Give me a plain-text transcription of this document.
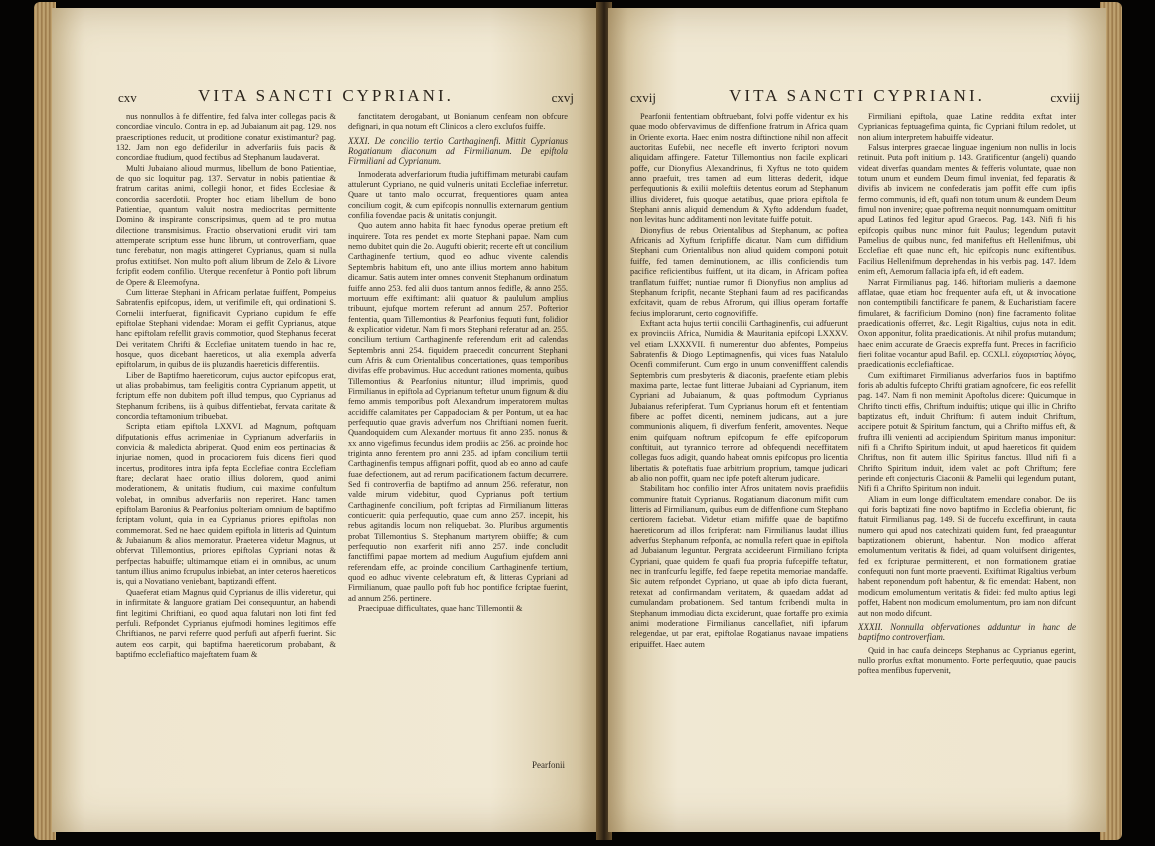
cxv	VITA SANCTI CYPRIANI.	cxvj

nus nonnullos à fe diffentire, fed falva inter collegas pacis & concordiae vinculo. Contra in ep. ad Jubaianum ait pag. 129. nos praescriptiones reducit, ut proditione conatur existimantur? pag. 132. Jam non ego defiderilur in adverfariis fuis pacis & concordiae ftudium, quod fectibus ad Stephanum laudaverat.

Multi Jubaiano alioud murmus, libellum de bono Patientiae, de quo sic loquitur pag. 137. Servatur in nobis patientiae & fratrum caritas animi, collegii honor, et fides Ecclesiae & concordia sacerdotii. Propter hoc etiam libellum de bono Patientiae, quantum valuit nostra mediocritas permittente Domino & inspirante conscripsimus, quem ad te pro mutua dilectione transmisimus. Fractio observationi erudit viri tam attemperate scriptum esse hunc librum, ut controverfiam, quae tunc ferebatur, non magis attingeret Cyprianus, quam si nulla profus extitifset. Non multo poft alium librum de Zelo & Livore fcripfit eodem confilio. Uterque recenfetur à Pontio poft librum de Opere & Eleemofyna.

Cum litterae Stephani in Africam perlatae fuiffent, Pompeius Sabratenfis epifcopus, idem, ut verifimile eft, qui ordinationi S. Cornelii interfuerat, fignificavit Cypriano cupidum fe effe epiftolae Stephani videndae: Moram ei geffit Cyprianus, atque hanc epiftolam refellit gravis commotior, quod Stephanus fecerat Dei veritatem Chrifti & Ecclefiae unitatem tuendo in hac re, hosque, quos dicebant haereticos, ut alia exempla adverfa epiftolarum, in quibus de iis pluzandis haereticis differentiis.

Liber de Baptifmo haereticorum, cujus auctor epifcopus erat, ut alias probabimus, tam feeligitis contra Cyprianum appetit, ut fcriptum effe non dubitem poft illud tempus, quo Cyprianus ad Stephanum fcribens, iis à quibus diffentiebat, fervata caritate & concordia teftamonium tribuebat.

Scripta etiam epiftola LXXVI. ad Magnum, poftquam difputationis effus acrimeniae in Cyprianum adverfariis in convicia & maledicta abriperat. Quod enim eos pertinacias & injuriae nomen, quod in procaciorem fuis dicens fieri quod incertus, proditores intra ipfa fepta Ecclefiae contra Ecclefiam ftare; declarat haec oratio illius dolorem, quod animi moderationem, & unitatis ftudium, cui maxime confultum volebat, in omnibus adverfariis non reperiret. Hanc tamen epiftolam Baronius & Pearfonius polteriam omnium de baptifmo fcriptam volunt, quia in ea Cyprianus priores epiftolas non commemorat. Sed ne haec quidem epiftola in litteris ad Quintum & Jubaianum & alios memoratur. Praeterea videtur Magnus, ut obfervat Tillemontius, priores epiftolas Cypriani notas & perfpectas habuiffe; ultimamque etiam ei in omnibus, ac unum tantum illius animo fcrupulus inbiebat, an inter ceteros haereticos is, qui a Novatiano veniebant, baptizandi effent.

Quaeferat etiam Magnus quid Cyprianus de illis videretur, qui in infirmitate & languore gratiam Dei consequuntur, an habendi fint legitimi Chriftiani, eo quod aqua falutari non loti fint fed perfuli. Refpondet Cyprianus ejufmodi homines legitimos effe Chriftianos, ne parvi referre quod perfufi aut afperfi fuerint. Sic autem eos carpit, qui baptifma haereticorum probabant, & baptifmo ecclefiaftico majeftatem fuam &

fanctitatem derogabant, ut Bonianum cenfeam non obfcure defignari, in qua notum eft Clinicos a clero exclufos fuiffe.

XXXI. De concilio tertio Carthaginenfi. Mittit Cyprianus Rogatianum diaconum ad Firmilianum. De epiftola Firmiliani ad Cyprianum.

Inmoderata adverfariorum ftudia juftiffimam meturabi caufam attulerunt Cypriano, ne quid vulneris unitati Ecclefiae inferretur. Quare ut tanto malo occurrat, frequentiores quam antea concilium cogit, & cum epifcopis nonnullis externarum gentium confilia fovendae pacis & unitatis conjungit.

Quo autem anno habita fit haec fynodus operae pretium eft inquirere. Tota res pendet ex morte Stephani papae. Nam cum nemo dubitet quin die 2o. Augufti obierit; recerte eft ut concilium Carthaginenfe tertium, quod eo adhuc vivente calendis Septembris habitum eft, uno ante illius mortem anno habitum dicamur. Satis autem inter omnes convenit Stephanum ordinatum fuiffe anno 253. fed alii duos tantum annos fedifle, & anno 255. mortuum effe exiftimant: alii quatuor & paululum amplius tribuunt, ejufque mortem referunt ad annum 257. Pofterior fententia, quam Tillemontius & Pearfonius fequuti funt, folidior & explicatior videtur. Nam fi mors Stephani referatur ad an. 255. concilium tertium Carthaginenfe referendum erit ad calendas Septembris anni 254. fiquidem praecedit concurrent Stephani cum Afris & cum Orientalibus concertationes, quas temporibus divifas effe probavimus. Huc accedunt rationes momenta, quibus Tillemontius & Pearfonius nituntur; illud imprimis, quod Firmilianus in epiftola ad Cyprianum teftetur unum fignum & diu femo ammis temporibus poft Alexandrum imperatorem multas accidiffe calamitates per Cappadociam & per Pontum, ut ea hac perfequutio quae gravis adverfum nos Chriftiani nomen fuerit. Quandoquidem cum Alexander mortuus fit anno 235. nonus & xx anno vigefimus fecundus idem prodiis ac 256. ac proinde hoc triginta anno ferentem pro anni 235. ad ipfam concilium tertii Carthaginenfis tempus affignari poffit, quod ab eo anno ad caufe fuae defectionem, aut ad rerum pacificationem factum decurrere. Sed fi controverfia de baptifmo ad annum 256. referatur, non valde mirum videbitur, quod Cyprianus poft tertium Carthaginenfe concilium, poft fcriptas ad Firmilianum litteras conticuerit: quia perfequutio, quae cum anno 257. incepit, his rebus agitandis locum non reliquebat. 3o. Pluribus argumentis probat Tillemontius S. Stephanum martyrem obiiffe; & cum perfequutio non exarferit nifi anno 257. inde concludit fanctiffimi papae mortem ad medium Augufium ejufdem anni referendam effe, ac proinde concilium Carthaginenfe tertium, quod eo adhuc vivente celebratum eft, & litteras Cypriani ad Firmilianum, quae paullo poft fub hoc pontifice fcriptae fuerint, ad annum 256. pertinere.

Praecipuae difficultates, quae hanc Tillemontii &

Pearfonii
cxvij	VITA SANCTI CYPRIANI.	cxviij

Pearfonii fententiam obftruebant, folvi poffe videntur ex his quae modo obfervavimus de diffenfione fratrum in Africa quam in Oriente exorta. Haec enim nostra diftinctione nihil non affecit auctoritas Eufebii, nec necefle eft inverto fcriptori novum aliquidam affingere. Fatetur Tillemontius non facile explicari poffe, cur Dionyfius Alexandrinus, fi Xyftus ne toto quidem anno praefuit, tres tamen ad eum litteras dederit, idque perfequutionis & exilii moleftiis detentus eorum ad Stephanum illius divideret, fuis quoque aetatibus, quae priora epiftola fe Stephani annis aliquid demendum & Xyfto addendum fuadet, non levitas hunc additamenti non levitate fuiffe potuit.

Dionyfius de rebus Orientalibus ad Stephanum, ac poftea Africanis ad Xyftum fcripfiffe dicatur. Nam cum diffidium Stephani cum Orientalibus non aliud quidem componi potuit fuiffe, fed tamen deminutionem, ac illis conficiendis tum pacifice reficientibus fuiffent, ut ita dicam, in Africam poftea tranflatum fuiffet; nuntiae rumor fi Dionyfius non amplius ad Stephanum fcripfit, necante Stephani faum ad res pacificandas exfcitavit, quam de rebus Afrorum, qui illius operam fortaffe fecius implorarunt, certo cognovififfe.

Exftant acta hujus tertii concilii Carthaginenfis, cui adfuerunt ex provinciis Africa, Numidia & Mauritania epifcopi LXXXV. vel etiam LXXXVII. fi numerentur duo abfentes, Pompeius Sabratenfis & Diogo Leptimagnenfis, qui vices fuas Natalulo Ocenfi commiferunt. Cum ergo in unum convenifffent calendis Septembris cum presbyteris & diaconis, praefente etiam plebis maxima parte, lectae funt litterae Jubaiani ad Cyprianum, item Cypriani ad Jubaianum, & quas poftmodum Cyprianus Jubaianus referipferat. Tum Cyprianus horum eft et fententiam fibere ac poffet dicenti, neminem judicans, aut a jure communionis aliquem, fi diverfum fenferit, amoventes. Neque enim quifquam noftrum epifcopum fe effe epifcoporum conftituit, aut tyrannico terrore ad obfequendi neceffitatem collegas fuos adigit, quando habeat omnis epifcopus pro licentia libertatis & poteftatis fuae arbitrium proprium, tamque judicari ab alio non poffit, quam nec ipfe poteft alterum judicare.

Stabilitam hoc confilio inter Afros unitatem novis praefidiis communire ftatuit Cyprianus. Rogatianum diaconum mifit cum litteris ad Firmilianum, quibus eum de diffenfione cum Stephano certiorem faciebat. Videtur etiam mififfe quae de baptifmo haereticorum ad illos fcripferat: nam Firmilianus laudat illius adverfus Stephanum refponfa, ac nomulla refert quae in epiftola ad Jubaianum leguntur. Pergrata accideerunt Firmiliano fcripta Cypriani, quae quidem fe quafi fua propria fufcepiffe teftatur, nec in tranfcurfu legiffe, fed faepe repetita memoriae mandaffe. Sic autem refpondet Cypriano, ut quae ab ipfo dicta fuerant, retexat ad confirmandam veritatem, & quaedam addat ad cumulandam probationem. Sed tantum fcribendi multa in Stephanum immodiau dicta exciderunt, quae fortaffe pro eximia animi moderatione Firmilianus cancellafiet, nifi ipfarum relegendae, ut par erat, epiftolae Rogatianus navaae impatiens eripuiffet. Haec autem

Firmiliani epiftola, quae Latine reddita exftat inter Cyprianicas feptuagefima quinta, fic Cypriani ftilum redolet, ut non alium interpretem habuiffe videatur.

Falsus interpres graecae linguae ingenium non nullis in locis retinuit. Puta poft initium p. 143. Gratificentur (angeli) quando videat diverfas quandam mentes & fefferis voluntate, quae non totum unum et eundem Deum fimul inveniat, fed feparatis & divifis ab invicem ne confederatis jam poffit effe cum ipfis fermo communis, id eft, quafi non totum unum & eundem Deum fimul non invenire; quae poftrema nequit nonnumquam omittitur apud Latinos fed legitur apud Graecos. Pag. 143. Nifi fi his epifcopis quibus nunc minor fuit Paulus; legendum putavit Pamelius de quibus nunc, fed manifeftus eft Hellenifmus, ubi Ecclefiae eft quae nunc eft, hic epifcopis nunc exiftentibus. Facilius Hellenifmum deprehendas in his verbis pag. 147. Idem enim eft, Aemorum fallacia ipfa eft, id eft eadem.

Narrat Firmilianus pag. 146. hiftoriam mulieris a daemone afflatae, quae etiam hoc frequenter aufa eft, ut & invocatione non contemptibili fanctificare fe panem, & Eucharistiam facere fimularet, & facrificium Domino (non) fine facramento folitae praedicationis offerret, &c. Legit Rigaltius, cujus nota in edit. Oxon apponitur, folita praedicationis. At nihil profus mutandum; haec enim accurate de Graecis expreffa funt. Preces in facrificio fieri folitae vocantur apud Bafil. ep. CCXLI. εὐχαριστίας λόγος, praedicationis ecclefiafticae.

Cum exiftimaret Firmilianus adverfarios fuos in baptifmo foris ab adultis fufcepto Chrifti gratiam agnofcere, fic eos refellit pag. 147. Nam fi non meminit Apoftolus dicere: Quicumque in Chrifto tincti effis, Chriftum induiftis; utique qui illic in Chrifto baptizatus eft, induit Chriftum: fi autem induit Chriftum, accipere potuit & Spiritum fanctum, qui a Chrifto miffus eft, & fruftra illi venienti ad accipiendum Spiritum manus imponitur: nifi fi a Chrifto Spiritum induit, ut apud haereticos fit quidem Chriftus, non fit autem illic Spiritus fanctus. Illud nifi fi a Chrifto Spiritum induit, idem valet ac poft Chriftum; fere perinde eft conjecturis Ciaconii & Pamelii qui legendum putant, Nifi fi a Chrifto Spiritum non induit.

Aliam in eum longe difficultatem emendare conabor. De iis qui foris baptizati fine novo baptifmo in Ecclefia obierunt, fic ftatuit Firmilianus pag. 149. Si de fuccefu exceffirunt, in cauta numero qui apud nos catechizati quidem funt, fed praeaguntur baptizationem obierunt, habentur. Non modico afferat emolumentum veritatis & fidei, ad quam voluifsent dirigentes, fed ex fcripturae permitterent, et non formationem gratiae confequuti non funt morte praeventi. Exiftimat Rigaltius verbum habent reponendum poft habentur, & fic emendat: Habent, non modicum emolumentum veritatis & fidei: fed multo aptius legi poffet, Habent non modicum emolumentum, pro iam non difcunt aut non modo difcunt.

XXXII. Nonnulla obfervationes adduntur in hanc de baptifmo controverfiam.

Quid in hac caufa deinceps Stephanus ac Cyprianus egerint, nullo prorfus exftat monumento. Forte perfequutio, quae paucis poftea menfibus fupervenit,
